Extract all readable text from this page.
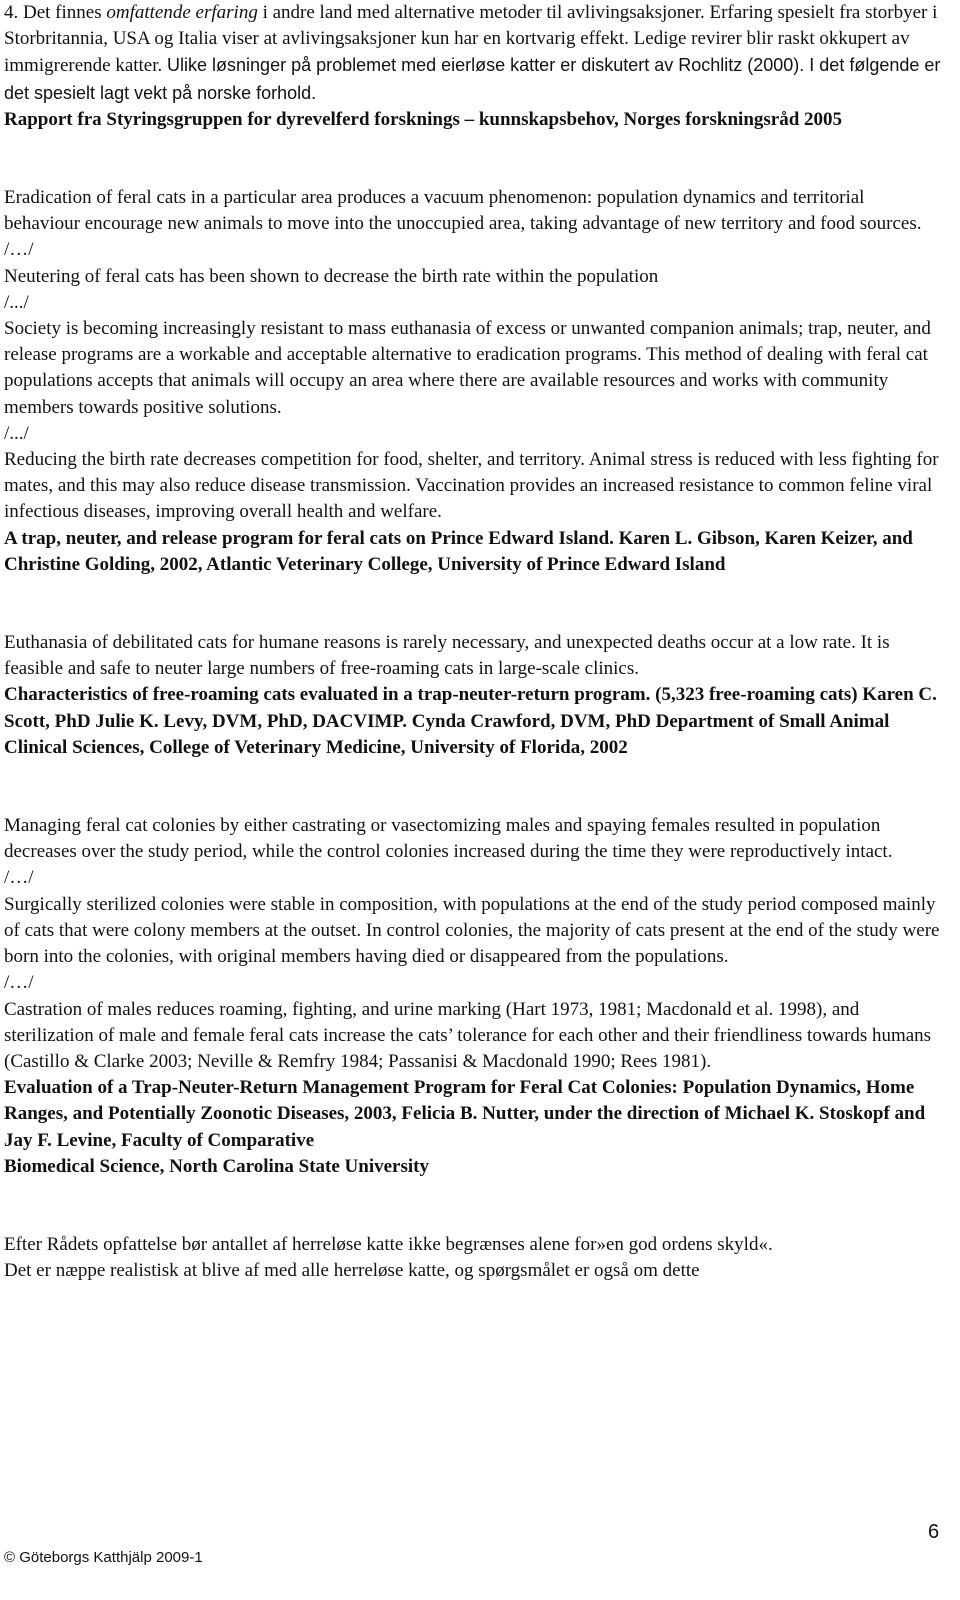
4. Det finnes omfattende erfaring i andre land med alternative metoder til avlivingsaksjoner. Erfaring spesielt fra storbyer i Storbritannia, USA og Italia viser at avlivingsaksjoner kun har en kortvarig effekt. Ledige revirer blir raskt okkupert av immigrerende katter. Ulike løsninger på problemet med eierløse katter er diskutert av Rochlitz (2000). I det følgende er det spesielt lagt vekt på norske forhold.

Rapport fra Styringsgruppen for dyrevelferd forsknings – kunnskapsbehov, Norges forskningsråd 2005

Eradication of feral cats in a particular area produces a vacuum phenomenon: population dynamics and territorial behaviour encourage new animals to move into the unoccupied area, taking advantage of new territory and food sources.

/…/

Neutering of feral cats has been shown to decrease the birth rate within the population

/.../

Society is becoming increasingly resistant to mass euthanasia of excess or unwanted companion animals; trap, neuter, and release programs are a workable and acceptable alternative to eradication programs. This method of dealing with feral cat populations accepts that animals will occupy an area where there are available resources and works with community members towards positive solutions.

/.../

Reducing the birth rate decreases competition for food, shelter, and territory. Animal stress is reduced with less fighting for mates, and this may also reduce disease transmission. Vaccination provides an increased resistance to common feline viral infectious diseases, improving overall health and welfare.

A trap, neuter, and release program for feral cats on Prince Edward Island. Karen L. Gibson, Karen Keizer, and Christine Golding, 2002, Atlantic Veterinary College, University of Prince Edward Island

Euthanasia of debilitated cats for humane reasons is rarely necessary, and unexpected deaths occur at a low rate. It is feasible and safe to neuter large numbers of free-roaming cats in large-scale clinics.

Characteristics of free-roaming cats evaluated in a trap-neuter-return program. (5,323 free-roaming cats) Karen C. Scott, PhD Julie K. Levy, DVM, PhD, DACVIMP. Cynda Crawford, DVM, PhD Department of Small Animal Clinical Sciences, College of Veterinary Medicine, University of Florida, 2002

Managing feral cat colonies by either castrating or vasectomizing males and spaying females resulted in population decreases over the study period, while the control colonies increased during the time they were reproductively intact.

/…/

Surgically sterilized colonies were stable in composition, with populations at the end of the study period composed mainly of cats that were colony members at the outset. In control colonies, the majority of cats present at the end of the study were born into the colonies, with original members having died or disappeared from the populations.

/…/

Castration of males reduces roaming, fighting, and urine marking (Hart 1973, 1981; Macdonald et al. 1998), and sterilization of male and female feral cats increase the cats’ tolerance for each other and their friendliness towards humans (Castillo & Clarke 2003; Neville & Remfry 1984; Passanisi & Macdonald 1990; Rees 1981).

Evaluation of a Trap-Neuter-Return Management Program for Feral Cat Colonies: Population Dynamics, Home Ranges, and Potentially Zoonotic Diseases, 2003, Felicia B. Nutter, under the direction of Michael K. Stoskopf and Jay F. Levine, Faculty of Comparative

Biomedical Science, North Carolina State University

Efter Rådets opfattelse bør antallet af herreløse katte ikke begrænses alene for»en god ordens skyld«.

Det er næppe realistisk at blive af med alle herreløse katte, og spørgsmålet er også om dette

© Göteborgs Katthjälp 2009-1
6
